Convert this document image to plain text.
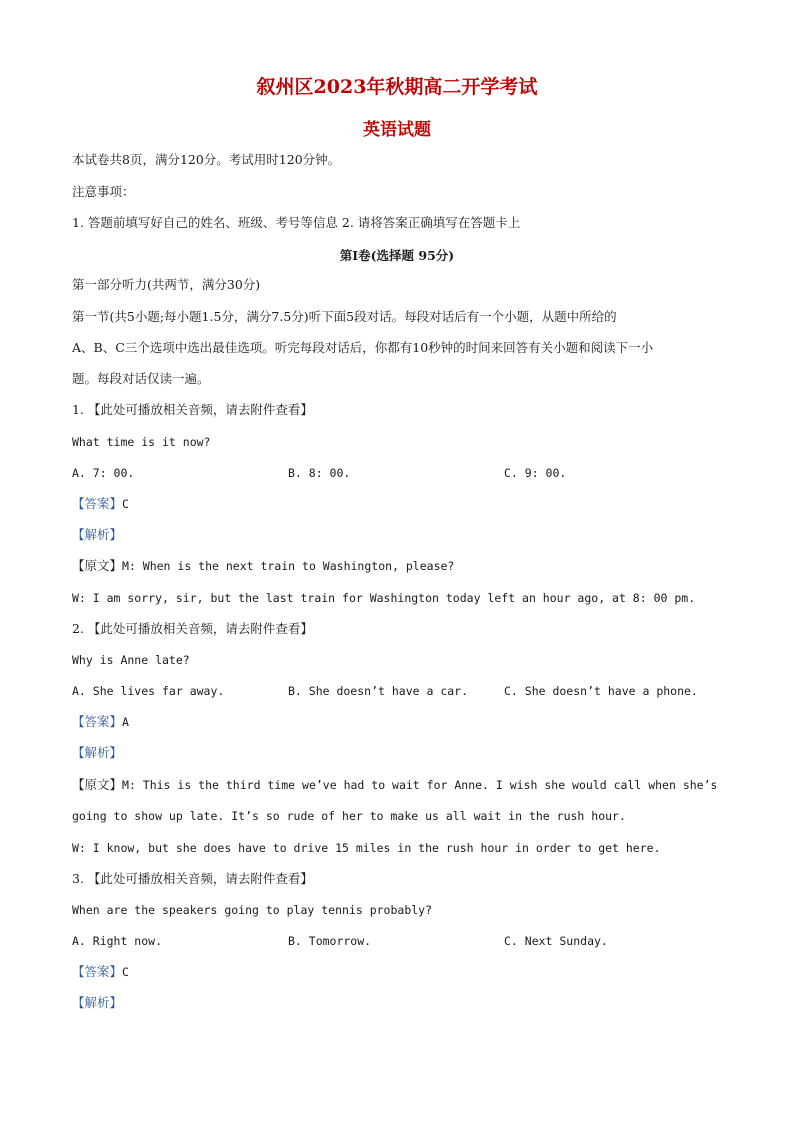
叙州区2023年秋期高二开学考试
英语试题
本试卷共8页，满分120分。考试用时120分钟。
注意事项：
1. 答题前填写好自己的姓名、班级、考号等信息 2. 请将答案正确填写在答题卡上
第I卷(选择题 95分)
第一部分听力(共两节，满分30分)
第一节(共5小题;每小题1.5分，满分7.5分)听下面5段对话。每段对话后有一个小题，从题中所给的
A、B、C三个选项中选出最佳选项。听完每段对话后，你都有10秒钟的时间来回答有关小题和阅读下一小
题。每段对话仅读一遍。
1. 【此处可播放相关音频，请去附件查看】
What time is it now?
A. 7: 00.	B. 8: 00.	C. 9: 00.
【答案】C
【解析】
【原文】M: When is the next train to Washington, please?
W: I am sorry, sir, but the last train for Washington today left an hour ago, at 8: 00 pm.
2. 【此处可播放相关音频，请去附件查看】
Why is Anne late?
A. She lives far away.	B. She doesn’t have a car.	C. She doesn’t have a phone.
【答案】A
【解析】
【原文】M: This is the third time we’ve had to wait for Anne. I wish she would call when she’s
going to show up late. It’s so rude of her to make us all wait in the rush hour.
W: I know, but she does have to drive 15 miles in the rush hour in order to get here.
3. 【此处可播放相关音频，请去附件查看】
When are the speakers going to play tennis probably?
A. Right now.	B. Tomorrow.	C. Next Sunday.
【答案】C
【解析】
